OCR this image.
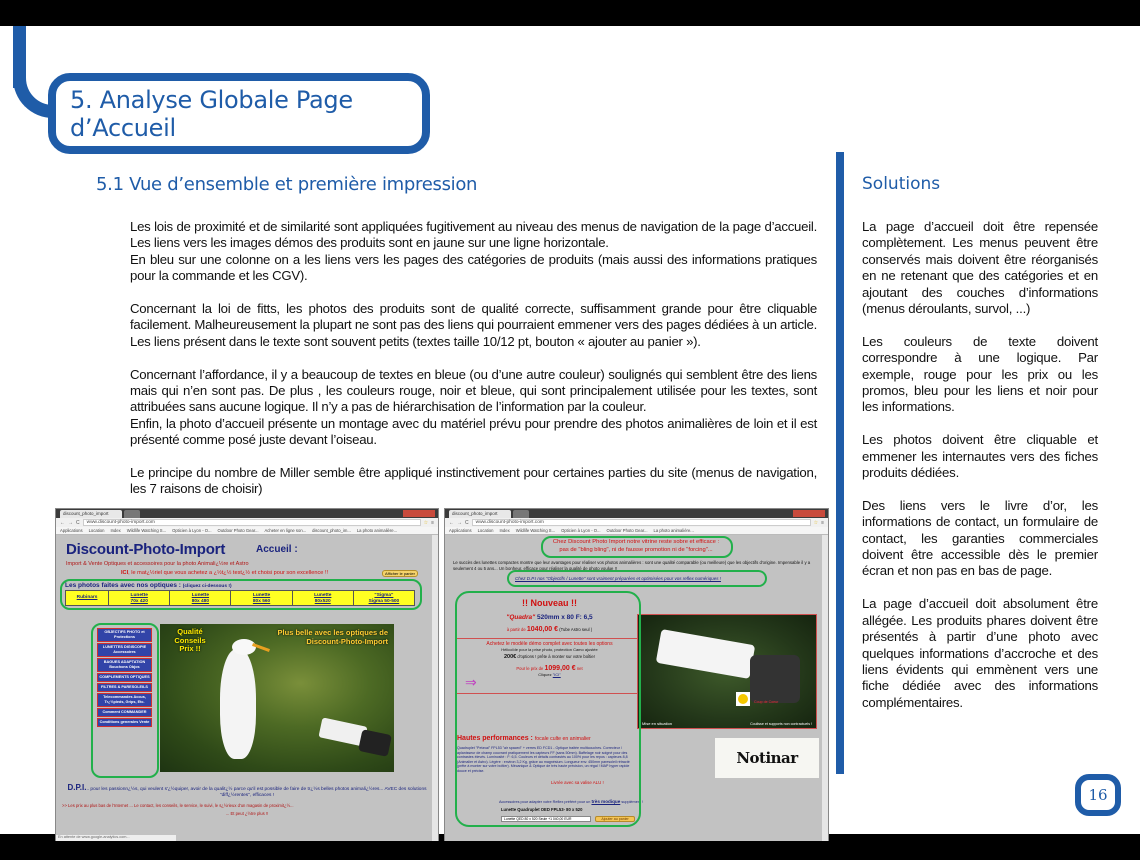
5. Analyse Globale Page d’Accueil
5.1 Vue d’ensemble et première impression

Les lois de proximité et de similarité sont appliquées fugitivement au niveau des menus de navigation de la page d’accueil. Les liens vers les images démos des produits sont en jaune sur une ligne horizontale.

En bleu sur une colonne on a les liens vers les pages des catégories de produits (mais aussi des informations pratiques pour la commande et les CGV).

Concernant la loi de fitts, les photos des produits sont de qualité correcte, suffisamment grande pour être cliquable facilement. Malheureusement la plupart ne sont pas des liens qui pourraient emmener vers des pages dédiées à un article. Les liens présent dans le texte sont souvent petits (textes taille 10/12 pt, bouton « ajouter au panier »).

Concernant l’affordance, il y a beaucoup de textes en bleue (ou d’une autre couleur) soulignés qui semblent être des liens mais qui n’en sont pas. De plus , les couleurs rouge, noir et bleue, qui sont principalement utilisée pour les textes, sont attribuées sans aucune logique. Il n’y a pas de hiérarchisation de l’information par la couleur.

Enfin, la photo d’accueil présente un montage avec du matériel prévu pour prendre des photos animalières de loin et il est présenté comme posé juste devant l’oiseau.

Le principe du nombre de Miller semble être appliqué instinctivement pour certaines parties du site (menus de navigation, les 7 raisons de choisir)

Solutions

La page d’accueil doit être repensée complètement. Les menus peuvent être conservés mais doivent être réorganisés en ne retenant que des catégories et en ajoutant des couches d’informations (menus déroulants, survol, ...)

Les couleurs de texte doivent correspondre à une logique. Par exemple, rouge pour les prix ou les promos, bleu pour les liens et noir pour les informations.

Les photos doivent être cliquable et emmener les internautes vers des fiches produits dédiées.

Des liens vers le livre d’or, les informations de contact, un formulaire de contact, les garanties commerciales doivent être accessible dès le premier écran et non pas en bas de page.

La page d’accueil doit absolument être allégée. Les produits phares doivent être présentés à partir d’une photo avec quelques informations d’accroche et des liens évidents qui emmènent vers une fiche dédiée avec des informations complémentaires.

16
discount_photo_import
← → C	www.discount-photo-import.com	☆ ≡
Applications Location Index Wildlife Watching S... Opticien à Lyon - O... Outdoor Photo Gear... Acheter en ligne son... discount_photo_im... La photo animalière...
Discount-Photo-Import	Accueil :
Import & Vente Optiques et accessoires pour la photo Animali¿½re et Astro
ICI, le mat¿½riel que vous achetez a ¿½t¿½ test¿½ et choisi pour son excellence !!	Afficher le panier
Les photos faites avec nos optiques : (cliquez ci-dessous !)
Rubinars	Lunette
70x 420
Lunette
80x 480
Lunette
80x 560
Lunette
80x520
"Sigma"
Sigma 50-500
Qualité Conseils Prix !!
Plus belle avec les optiques de Discount-Photo-Import
OBJECTIFS PHOTO et Protections
LUNETTES DIGISCOPIE Accessoires
BAGUES ADAPTATION Bouchons Objos
COMPLEMENTS OPTIQUES
FILTRES & PARESOLEILS
Telecommandes Accus, Tr¿½pieds, Grips, Etc.
Comment COMMANDER
Conditions generales Vente
D.P.I... pour les passionn¿½s, qui veulent s'¿½quiper, avoir de la qualit¿½ parce qu'il est possible de faire de tr¿½s belles photos animali¿½res... AVEC des solutions "diff¿½rentes", efficaces !
>> Les prix au plus bas de l'Internet ... Le contact, les conseils, le service, le suivi, le s¿½rieux d'un magasin de proximit¿½...
... Et peut ¿½tre plus !!
En attente de www.google-analytics.com...
discount_photo_import
← → C	www.discount-photo-import.com	☆ ≡
Applications Location Index Wildlife Watching S... Opticien à Lyon - O... Outdoor Photo Gear... La photo animalière...
Chez Discount Photo Import notre vitrine reste sobre et efficace :
pas de "bling bling", ni de fausse promotion ni de "forcing"...
Le succès des lunettes compactes montre que leur avantages pour réaliser vos photos animalières : sont une qualité comparable (ou meilleure) que les objectifs d'origine. Impensable il y a seulement 4 ou 5 ans... Un bonheur, efficace pour réaliser la qualité de photo voulue !!
Chez D.P.I nos "Objectifs / Lunette" sont vraiment préparées et optimisées pour vos reflex numériques !
!! Nouveau !!
"Quadra" 520mm x 80 F: 6,5
à partir de 1040,00 € (Tube Astro seul )
Achetez le modèle démo complet avec toutes les options
Hélicoïde pour la prise photo, protection Camo ajustée
200€ d'options ! prête à monter sur votre boîtier
⇒
Pour le prix de 1099,00 € net
Cliquez "ICI"
Coup de Coeur
Mise en situation	Coulisse et supports non contractuels !
Hautes performances : focale culte en animalier
Quadruplet "Petzval" FPL53 "air spaced" + verres ED FCD1 - Optique traitée multicouches. Correcteur / aplanisseur de champ couvrant pratiquement les capteurs FF (sans 50mm). Baffelage noir soigné pour des contrastes élevés. Luminosité : F: 6,5. Couleurs et détails contrastés au 100% pour les repos : capteurs 8,8 (Animalier et Astro). Légère : environ 3,2 Kg, grâce au magnésium. Longueur env. 450mm paresoleil rétracté (prête à monter sur votre boîtier). Mécanique & Optique de très haute précision, un régal ! MAP hyper rapide douce et précise.
Livrée avec sa valise ALU !
Accessoires pour adapter votre Reflex préféré pour un très modique supplément !
Lunette Quadruplet OED FPL53- 80 x 520
Lunette QED 80 x 520 Seule +1 040,00 EUR	Ajouter au panier
Notinar
